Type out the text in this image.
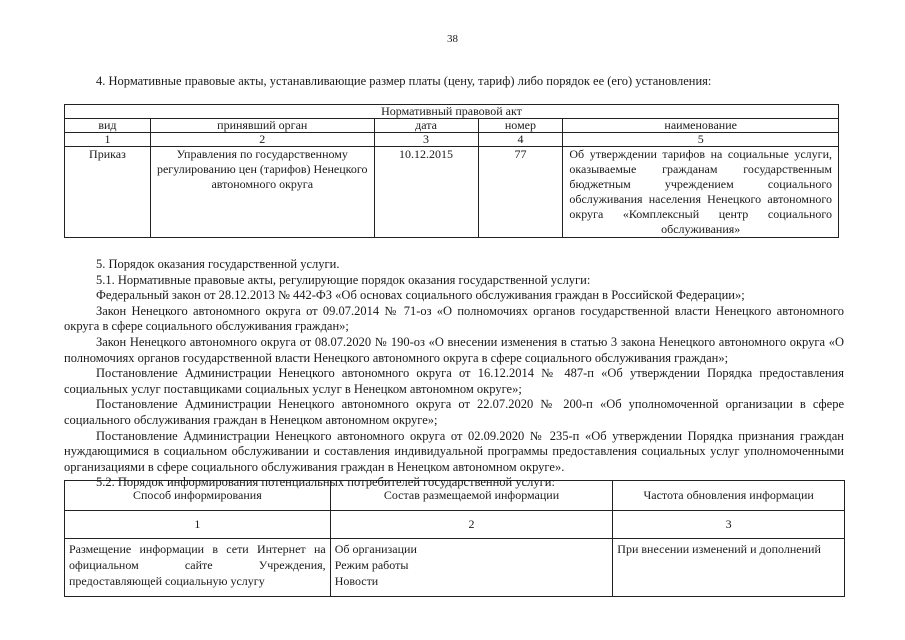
38
4. Нормативные правовые акты, устанавливающие размер платы (цену, тариф) либо порядок ее (его) установления:
Нормативный правовой акт				
вид	принявший орган	дата	номер	наименование
1	2	3	4	5
Приказ	Управления по государственному регулированию цен (тарифов) Ненецкого автономного округа	10.12.2015	77	Об утверждении тарифов на социальные услуги, оказываемые гражданам государственным бюджетным учреждением социального обслуживания населения Ненецкого автономного округа «Комплексный центр социального обслуживания»

5. Порядок оказания государственной услуги.

5.1. Нормативные правовые акты, регулирующие порядок оказания государственной услуги:

Федеральный закон от 28.12.2013 № 442-ФЗ «Об основах социального обслуживания граждан в Российской Федерации»;

Закон Ненецкого автономного округа от 09.07.2014 № 71-оз «О полномочиях органов государственной власти Ненецкого автономного округа в сфере социального обслуживания граждан»;

Закон Ненецкого автономного округа от 08.07.2020 № 190-оз «О внесении изменения в статью 3 закона Ненецкого автономного округа «О полномочиях органов государственной власти Ненецкого автономного округа в сфере социального обслуживания граждан»;

Постановление Администрации Ненецкого автономного округа от 16.12.2014 № 487-п «Об утверждении Порядка предоставления социальных услуг поставщиками социальных услуг в Ненецком автономном округе»;

Постановление Администрации Ненецкого автономного округа от 22.07.2020 № 200-п «Об уполномоченной организации в сфере социального обслуживания граждан в Ненецком автономном округе»;

Постановление Администрации Ненецкого автономного округа от 02.09.2020 № 235-п «Об утверждении Порядка признания граждан нуждающимися в социальном обслуживании и составления индивидуальной программы предоставления социальных услуг уполномоченными организациями в сфере социального обслуживания граждан в Ненецком автономном округе».

5.2. Порядок информирования потенциальных потребителей государственной услуги:

Способ информирования	Состав размещаемой информации	Частота обновления информации
1	2	3
Размещение информации в сети Интернет на официальном сайте Учреждения, предоставляющей социальную услугу	Об организации
Режим работы
Новости	При внесении изменений и дополнений
